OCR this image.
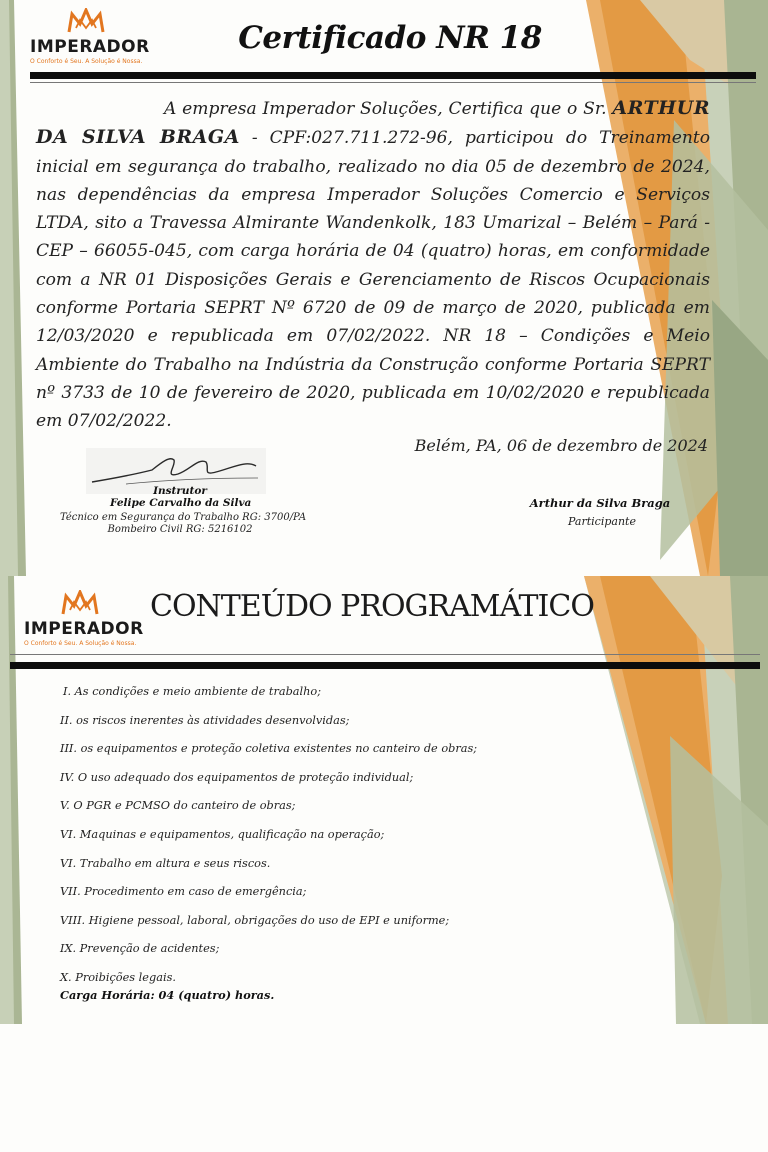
IMPERADOR
O Conforto é Seu. A Solução é Nossa.
Certificado NR 18
A empresa Imperador Soluções, Certifica que o Sr. ARTHUR DA SILVA BRAGA - CPF:027.711.272-96, participou do Treinamento inicial em segurança do trabalho, realizado no dia 05 de dezembro de 2024, nas dependências da empresa Imperador Soluções Comercio e Serviços LTDA, sito a Travessa Almirante Wandenkolk, 183 Umarizal – Belém – Pará - CEP – 66055-045, com carga horária de 04 (quatro) horas, em conformidade com a NR 01 Disposições Gerais e Gerenciamento de Riscos Ocupacionais conforme Portaria SEPRT Nº 6720 de 09 de março de 2020, publicada em 12/03/2020 e republicada em 07/02/2022. NR 18 – Condições e Meio Ambiente do Trabalho na Indústria da Construção conforme Portaria SEPRT nº 3733 de 10 de fevereiro de 2020, publicada em 10/02/2020 e republicada em 07/02/2022.
Belém, PA, 06 de dezembro de 2024
Instrutor
Felipe Carvalho da Silva
Técnico em Segurança do Trabalho RG: 3700/PA
Bombeiro Civil RG: 5216102
Arthur da Silva Braga
Participante
IMPERADOR
O Conforto é Seu. A Solução é Nossa.
CONTEÚDO PROGRAMÁTICO
I. As condições e meio ambiente de trabalho;
II. os riscos inerentes às atividades desenvolvidas;
III. os equipamentos e proteção coletiva existentes no canteiro de obras;
IV. O uso adequado dos equipamentos de proteção individual;
V. O PGR e PCMSO do canteiro de obras;
VI. Maquinas e equipamentos, qualificação na operação;
VI. Trabalho em altura e seus riscos.
VII. Procedimento em caso de emergência;
VIII. Higiene pessoal, laboral, obrigações do uso de EPI e uniforme;
IX. Prevenção de acidentes;
X. Proibições legais.
Carga Horária: 04 (quatro) horas.
